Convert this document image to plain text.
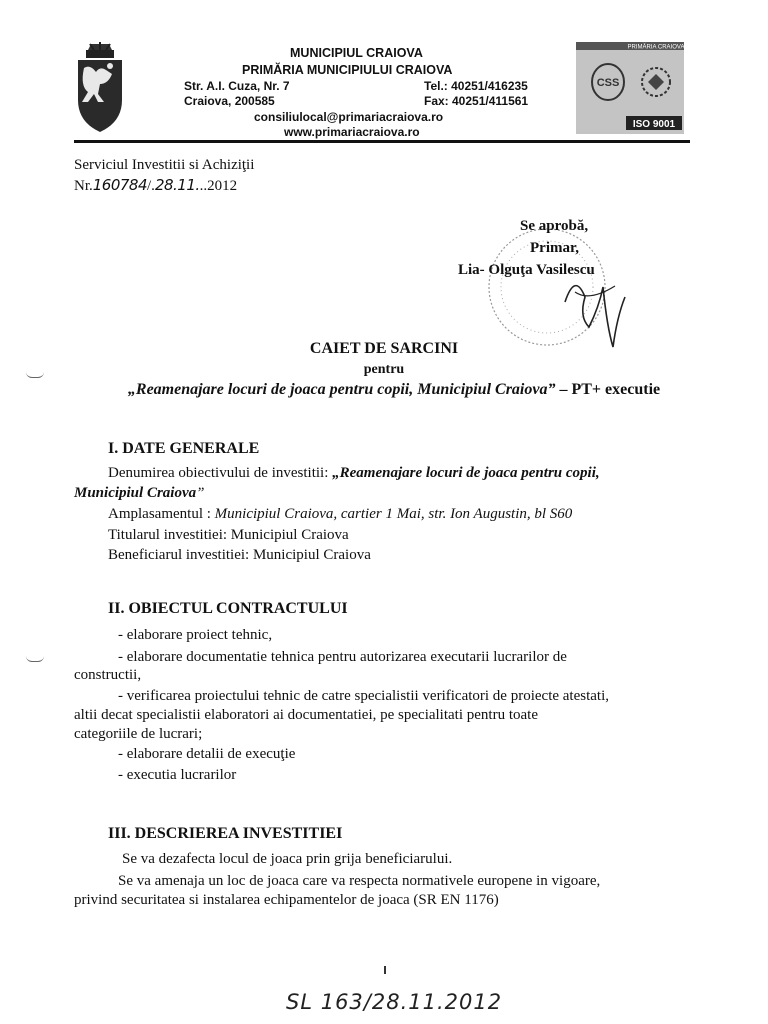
MUNICIPIUL CRAIOVA
PRIMĂRIA MUNICIPIULUI CRAIOVA
Str. A.I. Cuza, Nr. 7	Tel.: 40251/416235
Craiova, 200585	Fax: 40251/411561
consiliulocal@primariacraiova.ro
www.primariacraiova.ro
PRIMĂRIA CRAIOVA
CSS
ISO 9001
Serviciul Investitii si Achiziţii
Nr.160784/.28.11...2012
Se aprobă,
Primar,
Lia- Olguţa Vasilescu
CAIET DE SARCINI
pentru
„Reamenajare locuri de joaca pentru copii, Municipiul Craiova” – PT+ executie
I. DATE GENERALE
Denumirea obiectivului de investitii: „Reamenajare locuri de joaca pentru copii,
Municipiul Craiova”
Amplasamentul : Municipiul Craiova, cartier 1 Mai, str. Ion Augustin, bl S60
Titularul investitiei: Municipiul Craiova
Beneficiarul investitiei: Municipiul Craiova
II. OBIECTUL CONTRACTULUI
- elaborare proiect tehnic,
- elaborare documentatie tehnica pentru autorizarea executarii lucrarilor de
constructii,
- verificarea proiectului tehnic de catre specialistii verificatori de proiecte atestati,
altii decat specialistii elaboratori ai documentatiei, pe specialitati pentru toate
categoriile de lucrari;
- elaborare detalii de execuţie
- executia lucrarilor
III. DESCRIEREA INVESTITIEI
Se va dezafecta locul de joaca prin grija beneficiarului.
Se va amenaja un loc de joaca care va respecta normativele europene in vigoare,
privind securitatea si instalarea echipamentelor de joaca (SR EN 1176)
SL 163/28.11.2012
